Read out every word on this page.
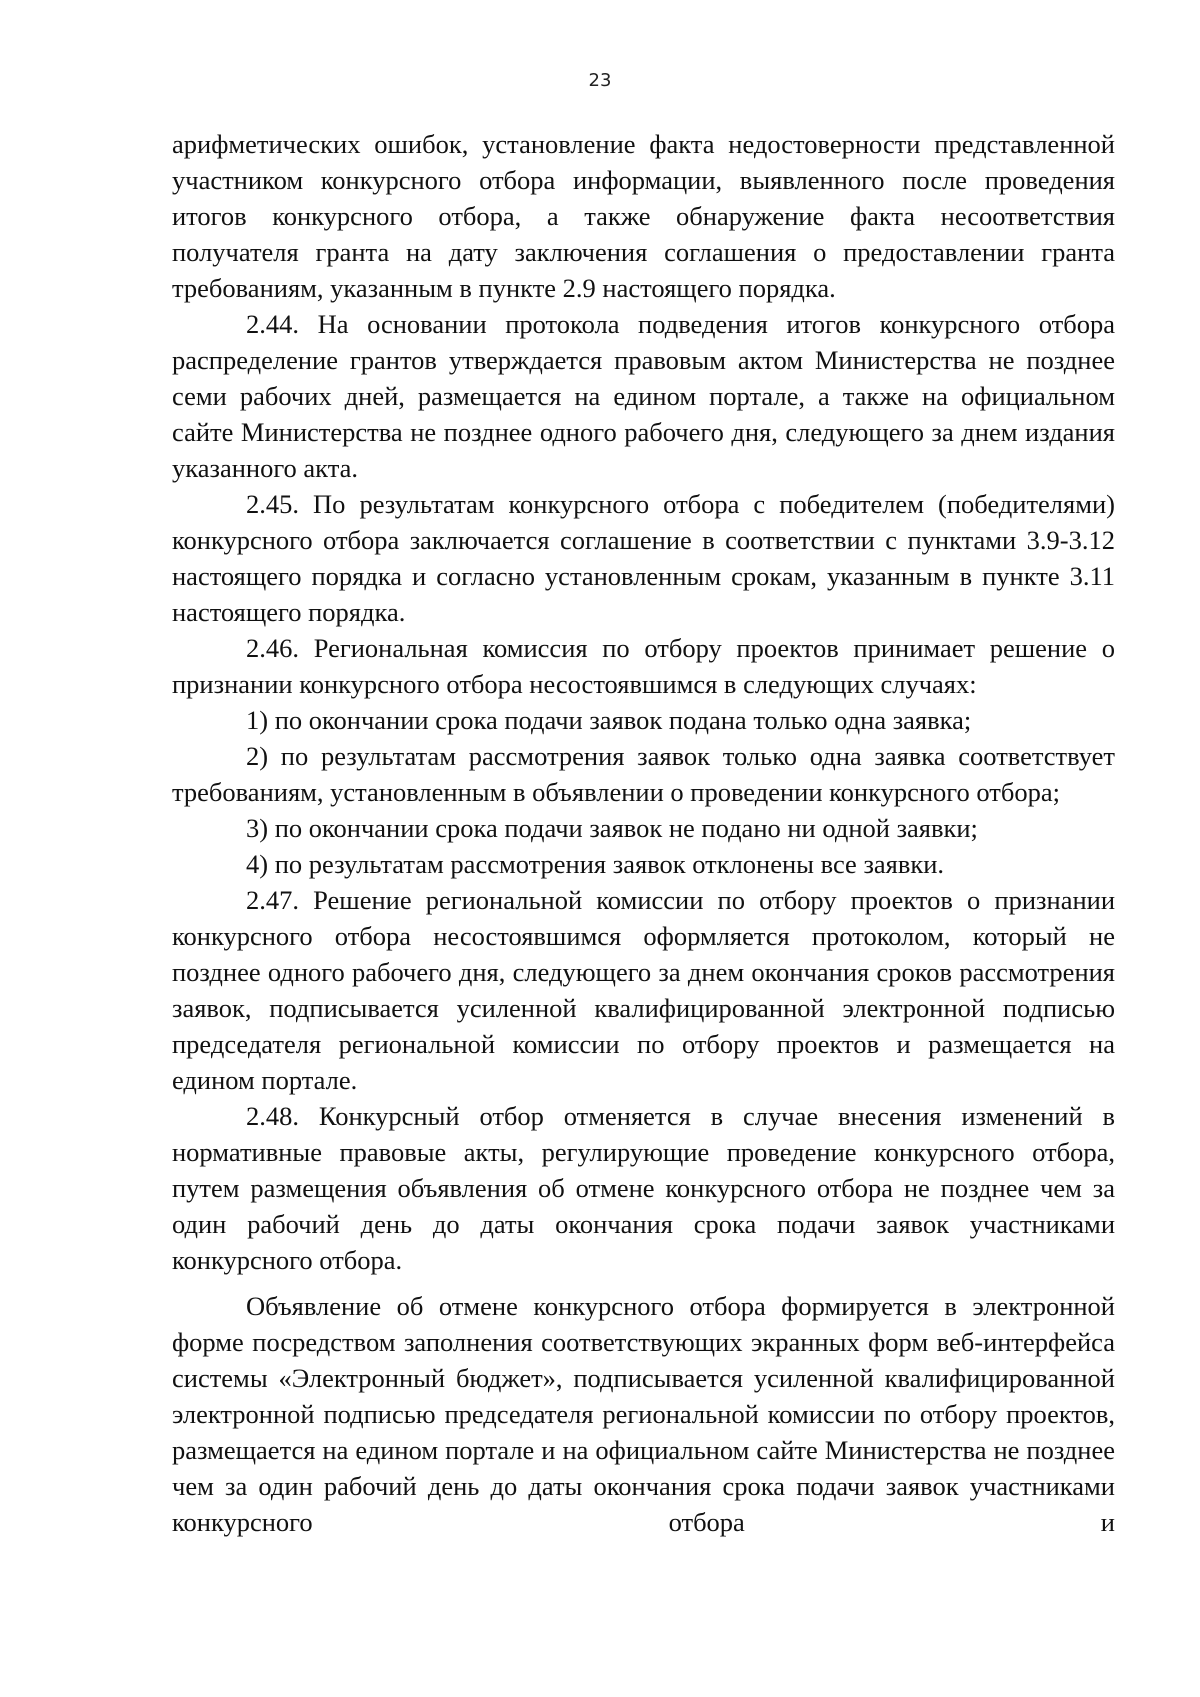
23

арифметических ошибок, установление факта недостоверности представленной участником конкурсного отбора информации, выявленного после проведения итогов конкурсного отбора, а также обнаружение факта несоответствия получателя гранта на дату заключения соглашения о предоставлении гранта требованиям, указанным в пункте 2.9 настоящего порядка.

2.44. На основании протокола подведения итогов конкурсного отбора распределение грантов утверждается правовым актом Министерства не позднее семи рабочих дней, размещается на едином портале, а также на официальном сайте Министерства не позднее одного рабочего дня, следующего за днем издания указанного акта.

2.45. По результатам конкурсного отбора с победителем (победителями) конкурсного отбора заключается соглашение в соответствии с пунктами 3.9-3.12 настоящего порядка и согласно установленным срокам, указанным в пункте 3.11 настоящего порядка.

2.46. Региональная комиссия по отбору проектов принимает решение о признании конкурсного отбора несостоявшимся в следующих случаях:

1) по окончании срока подачи заявок подана только одна заявка;

2) по результатам рассмотрения заявок только одна заявка соответствует требованиям, установленным в объявлении о проведении конкурсного отбора;

3) по окончании срока подачи заявок не подано ни одной заявки;

4) по результатам рассмотрения заявок отклонены все заявки.

2.47. Решение региональной комиссии по отбору проектов о признании конкурсного отбора несостоявшимся оформляется протоколом, который не позднее одного рабочего дня, следующего за днем окончания сроков рассмотрения заявок, подписывается усиленной квалифицированной электронной подписью председателя региональной комиссии по отбору проектов и размещается на едином портале.

2.48. Конкурсный отбор отменяется в случае внесения изменений в нормативные правовые акты, регулирующие проведение конкурсного отбора, путем размещения объявления об отмене конкурсного отбора не позднее чем за один рабочий день до даты окончания срока подачи заявок участниками конкурсного отбора.

Объявление об отмене конкурсного отбора формируется в электронной форме посредством заполнения соответствующих экранных форм веб-интерфейса системы «Электронный бюджет», подписывается усиленной квалифицированной электронной подписью председателя региональной комиссии по отбору проектов, размещается на едином портале и на официальном сайте Министерства не позднее чем за один рабочий день до даты окончания срока подачи заявок участниками конкурсного отбора и
